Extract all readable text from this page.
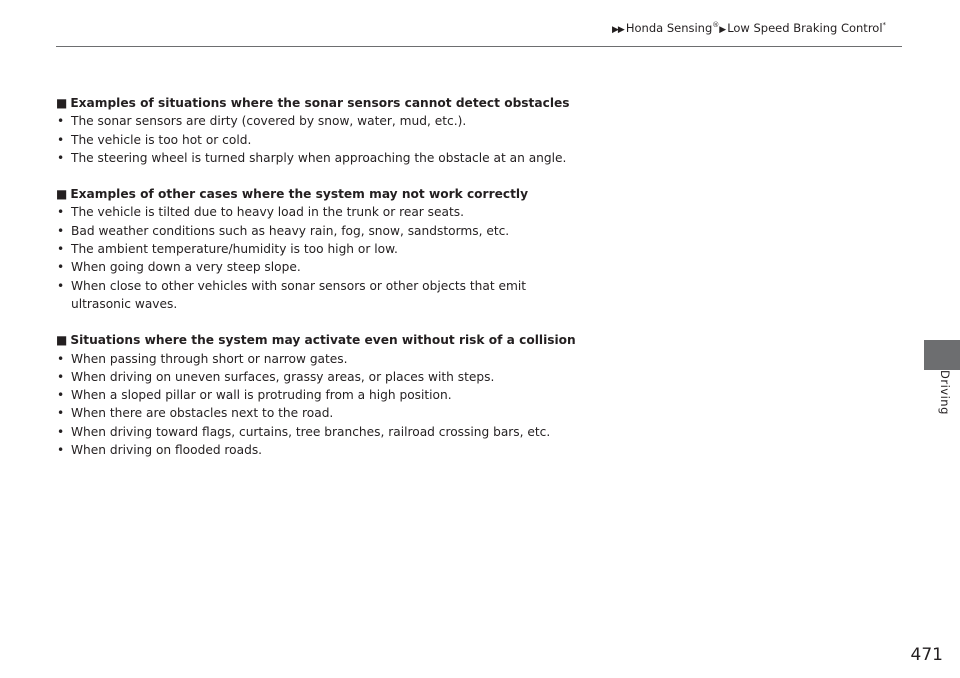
▶▶ Honda Sensing®▶ Low Speed Braking Control*
■ Examples of situations where the sonar sensors cannot detect obstacles
• The sonar sensors are dirty (covered by snow, water, mud, etc.).
• The vehicle is too hot or cold.
• The steering wheel is turned sharply when approaching the obstacle at an angle.
■ Examples of other cases where the system may not work correctly
• The vehicle is tilted due to heavy load in the trunk or rear seats.
• Bad weather conditions such as heavy rain, fog, snow, sandstorms, etc.
• The ambient temperature/humidity is too high or low.
• When going down a very steep slope.
• When close to other vehicles with sonar sensors or other objects that emit ultrasonic waves.
■ Situations where the system may activate even without risk of a collision
• When passing through short or narrow gates.
• When driving on uneven surfaces, grassy areas, or places with steps.
• When a sloped pillar or wall is protruding from a high position.
• When there are obstacles next to the road.
• When driving toward flags, curtains, tree branches, railroad crossing bars, etc.
• When driving on flooded roads.
Driving
471
